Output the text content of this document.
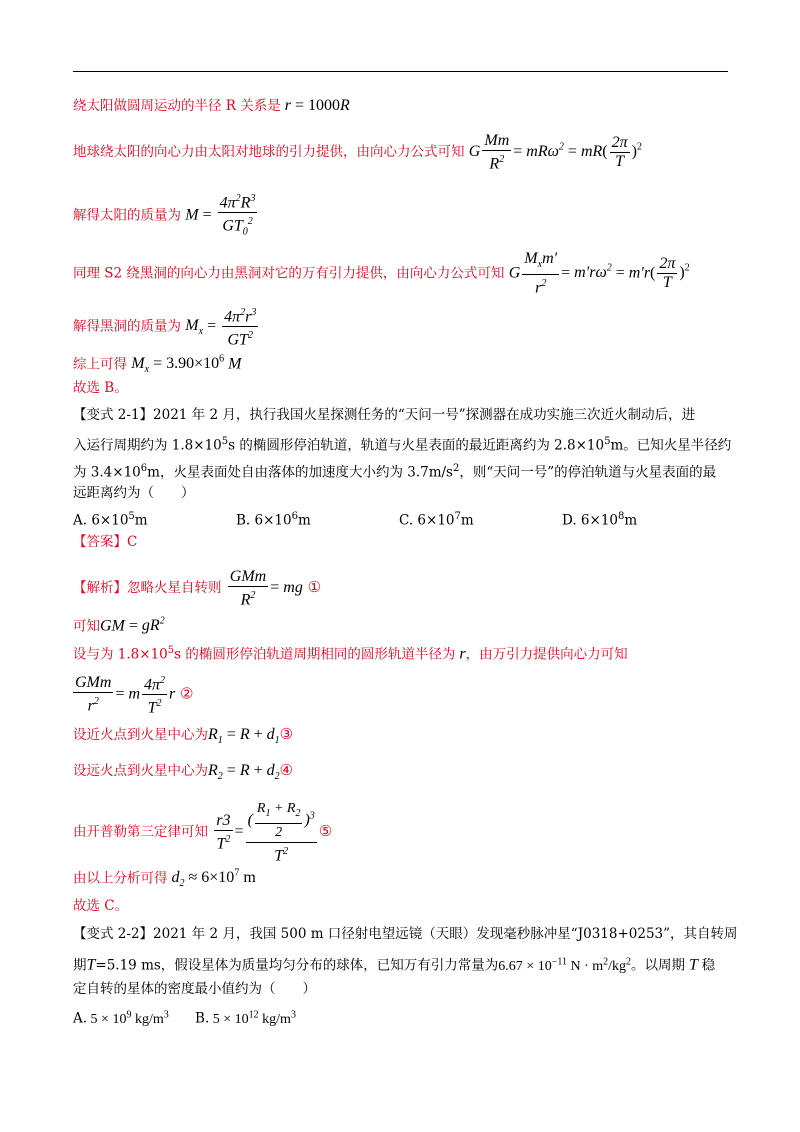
绕太阳做圆周运动的半径 R 关系是 r = 1000R
地球绕太阳的向心力由太阳对地球的引力提供，由向心力公式可知 G $\frac{Mm}{R^2} = mR\omega^2 = mR( \frac{2\pi}{T} )^2$
解得太阳的质量为 $M = \frac{4\pi^2R^3}{GT_0^2}$
同理 S2 绕黑洞的向心力由黑洞对它的万有引力提供，由向心力公式可知 G $\frac{M_xm'}{r^2} = m'r\omega^2 = m'r( \frac{2\pi}{T} )^2$
解得黑洞的质量为 $M_x = \frac{4\pi^2r^3}{GT^2}$
综上可得 $M_x = 3.90\times 10^6$ M
故选 B。
【变式 2-1】2021 年 2 月，执行我国火星探测任务的“天问一号”探测器在成功实施三次近火制动后，进
入运行周期约为 $1.8\times 10^5s$ 的椭圆形停泊轨道，轨道与火星表面的最近距离约为 $2.8\times 10^5m$。已知火星半径约
为 $3.4\times 10^6m$，火星表面处自由落体的加速度大小约为 $3.7m/s^2$，则“天问一号”的停泊轨道与火星表面的最
远距离约为（　　）
A. $6\times 10^5m$	B. $6\times 10^6m$	C. $6\times 10^7m$	D. $6\times 10^8m$
【答案】C
【解析】忽略火星自转则 $\frac{\text{GMm}}{R^2}$ = mg ①
可知GM = $gR^2$
设与为 $1.8\times 10^5s$ 的椭圆形停泊轨道周期相同的圆形轨道半径为 r，由万引力提供向心力可知
$\frac{\text{GMm}}{r^2} = m \frac{4\pi^2}{T^2}$ r ②
设近火点到火星中心为$R_1 = R$ + $d_1③$
设远火点到火星中心为$R_2 = R$ + $d_2④$
由开普勒第三定律可知 $\frac{r3}{T^2} = \frac{( \frac{R_1 + R_2}{2} )^3}{T^2}$ ⑤
由以上分析可得 $d_2 \approx 6\times 10^7$ m
故选 C。
【变式 2-2】2021 年 2 月，我国 500 m 口径射电望远镜（天眼）发现毫秒脉冲星“J0318+0253”，其自转周
期T=5.19 ms，假设星体为质量均匀分布的球体，已知万有引力常量为$6.67 \times 10^{-11}$ $N \cdot m^2/kg^2$。以周期 T 稳
定自转的星体的密度最小值约为（　　）
A. $5 \times 10^9$ $kg/m^3$ B. $5 \times 10^{12}$ $kg/m^3$
